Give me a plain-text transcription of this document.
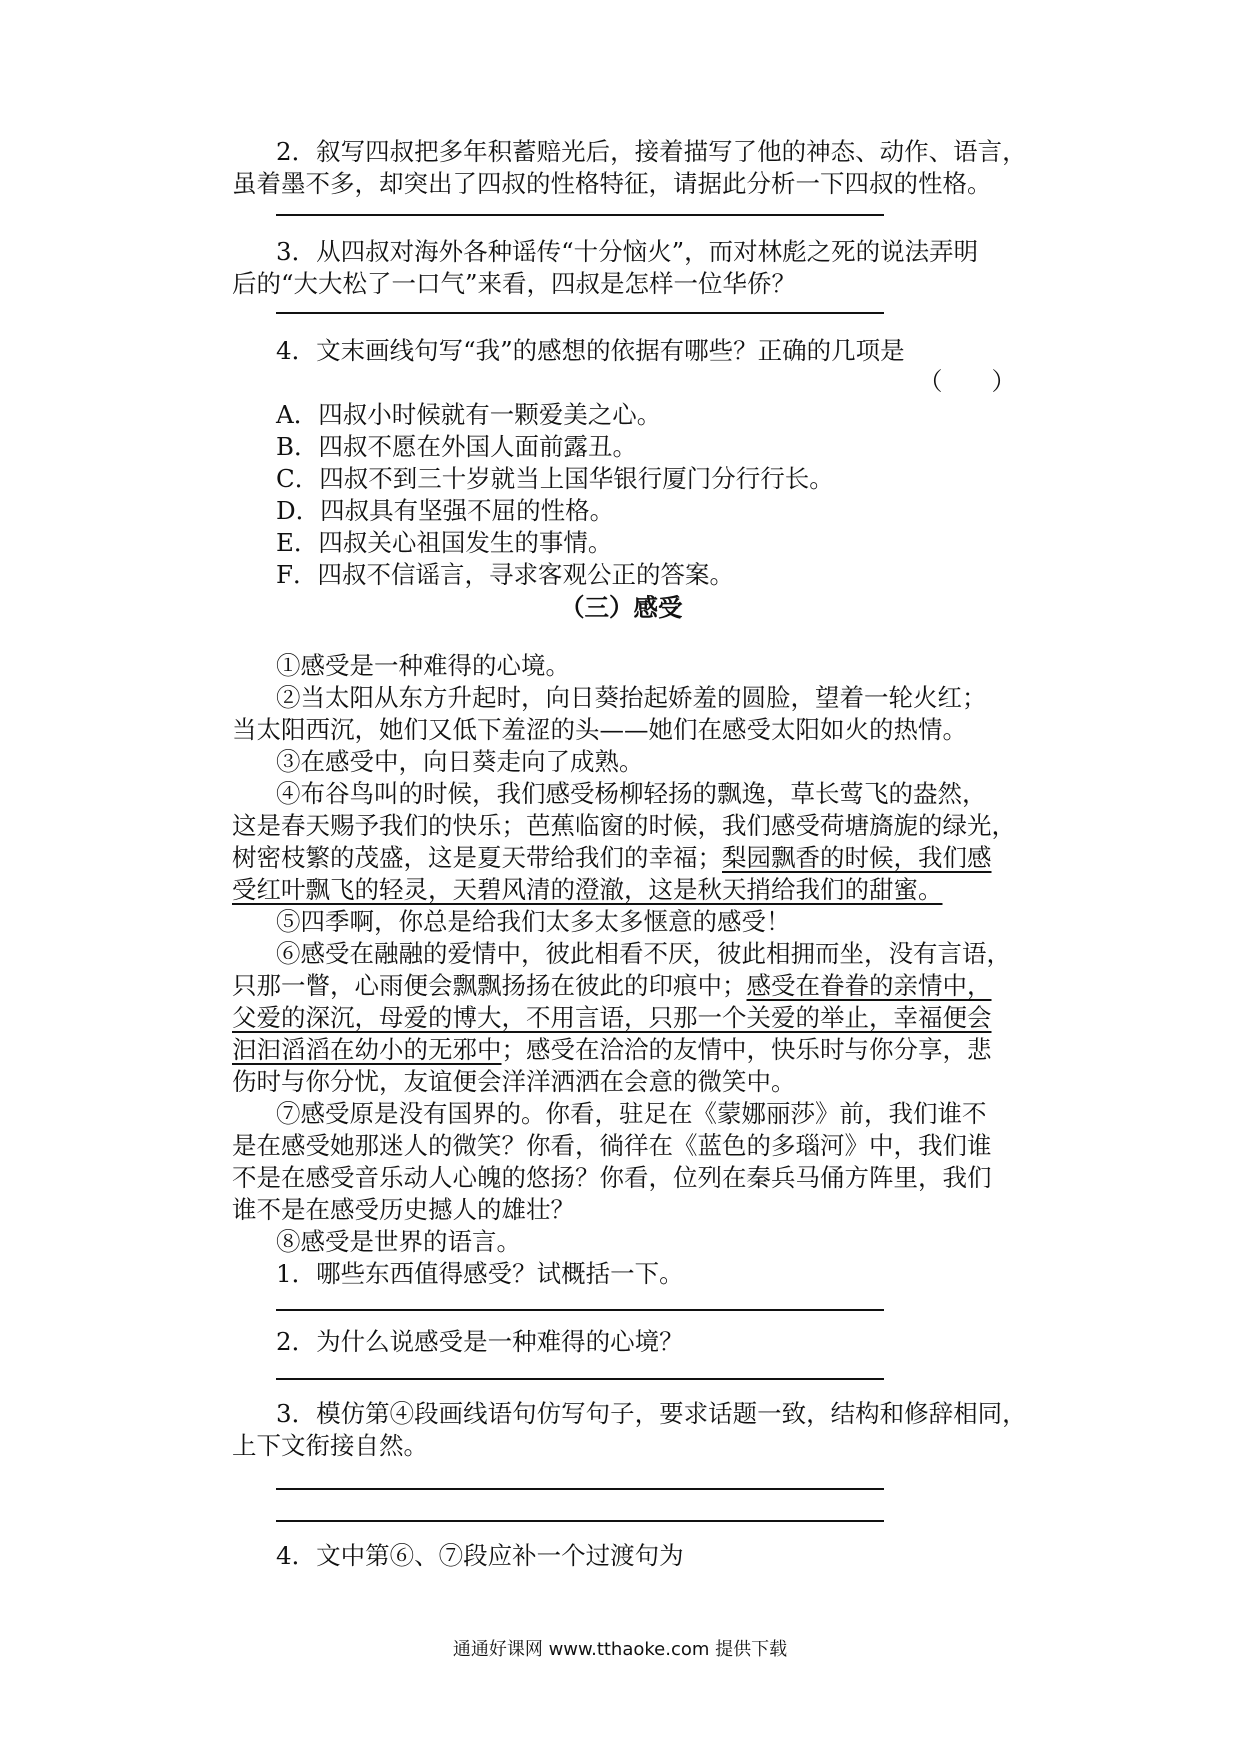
2．叙写四叔把多年积蓄赔光后，接着描写了他的神态、动作、语言，
虽着墨不多，却突出了四叔的性格特征，请据此分析一下四叔的性格。
3．从四叔对海外各种谣传“十分恼火”，而对林彪之死的说法弄明
后的“大大松了一口气”来看，四叔是怎样一位华侨？
4．文末画线句写“我”的感想的依据有哪些？正确的几项是
（　　）
A．四叔小时候就有一颗爱美之心。
B．四叔不愿在外国人面前露丑。
C．四叔不到三十岁就当上国华银行厦门分行行长。
D．四叔具有坚强不屈的性格。
E．四叔关心祖国发生的事情。
F．四叔不信谣言，寻求客观公正的答案。
（三）感受
①感受是一种难得的心境。
②当太阳从东方升起时，向日葵抬起娇羞的圆脸，望着一轮火红；
当太阳西沉，她们又低下羞涩的头——她们在感受太阳如火的热情。
③在感受中，向日葵走向了成熟。
④布谷鸟叫的时候，我们感受杨柳轻扬的飘逸，草长莺飞的盎然，
这是春天赐予我们的快乐；芭蕉临窗的时候，我们感受荷塘旖旎的绿光，
树密枝繁的茂盛，这是夏天带给我们的幸福；梨园飘香的时候，我们感
受红叶飘飞的轻灵，天碧风清的澄澈，这是秋天捎给我们的甜蜜。
⑤四季啊，你总是给我们太多太多惬意的感受！
⑥感受在融融的爱情中，彼此相看不厌，彼此相拥而坐，没有言语，
只那一瞥，心雨便会飘飘扬扬在彼此的印痕中；感受在眷眷的亲情中，
父爱的深沉，母爱的博大，不用言语，只那一个关爱的举止，幸福便会
汩汩滔滔在幼小的无邪中；感受在洽洽的友情中，快乐时与你分享，悲
伤时与你分忧，友谊便会洋洋洒洒在会意的微笑中。
⑦感受原是没有国界的。你看，驻足在《蒙娜丽莎》前，我们谁不
是在感受她那迷人的微笑？你看，徜徉在《蓝色的多瑙河》中，我们谁
不是在感受音乐动人心魄的悠扬？你看，位列在秦兵马俑方阵里，我们
谁不是在感受历史撼人的雄壮？
⑧感受是世界的语言。
1．哪些东西值得感受？试概括一下。
2．为什么说感受是一种难得的心境？
3．模仿第④段画线语句仿写句子，要求话题一致，结构和修辞相同，
上下文衔接自然。
4．文中第⑥、⑦段应补一个过渡句为
通通好课网 www.tthaoke.com 提供下载
